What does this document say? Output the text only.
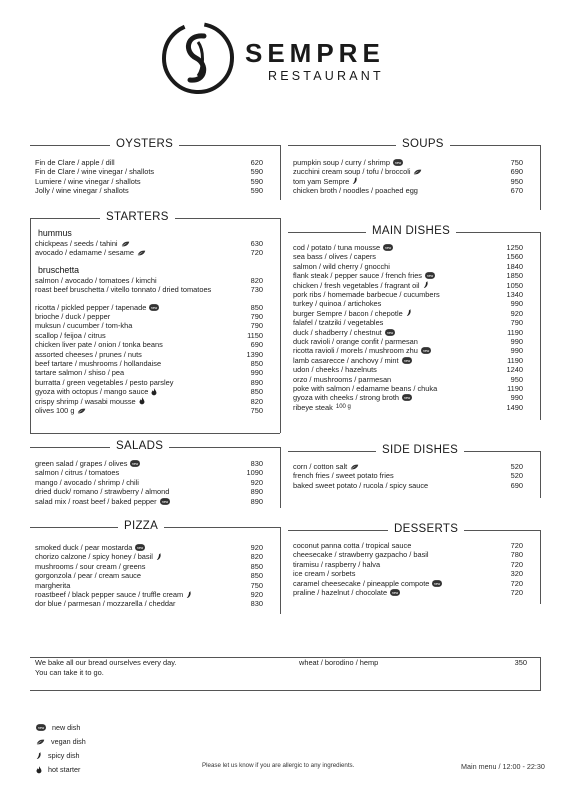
SEMPRE
RESTAURANT
OYSTERS
Fin de Clare / apple / dill	620
Fin de Clare / wine vinegar / shallots	590
Lumiere / wine vinegar / shallots	590
Jolly / wine vinegar / shallots	590
SOUPS
pumpkin soup / curry / shrimp new	750
zucchini cream soup / tofu / broccoli	690
tom yam Sempre	950
chicken broth / noodles / poached egg	670
STARTERS
hummus
chickpeas / seeds / tahini	630
avocado / edamame / sesame	720
bruschetta
salmon / avocado / tomatoes / kimchi	820
roast beef bruschetta / vitello tonnato / dried tomatoes	730
ricotta / pickled pepper / tapenade new	850
brioche / duck / pepper	790
muksun / cucumber / tom-kha	790
scallop / feijoa / citrus	1150
chicken liver pate / onion / tonka beans	690
assorted cheeses / prunes / nuts	1390
beef tartare / mushrooms / hollandaise	850
tartare salmon / shiso / pea	990
burratta / green vegetables / pesto parsley	890
gyoza with octopus / mango sauce	850
crispy shrimp / wasabi mousse	820
olives 100 g	750
MAIN DISHES
cod / potato / tuna mousse new	1250
sea bass / olives / capers	1560
salmon / wild cherry / gnocchi	1840
flank steak / pepper sauce / french fries new	1850
chicken / fresh vegetables / fragrant oil	1050
pork ribs / homemade barbecue / cucumbers	1340
turkey / quinoa / artichokes	990
burger Sempre / bacon / chepotle	920
falafel / tzatziki / vegetables	790
duck / shadberry / chestnut new	1190
duck ravioli / orange confit / parmesan	990
ricotta ravioli / morels / mushroom zhu new	990
lamb casarecce / anchovy / mint new	1190
udon / cheeks / hazelnuts	1240
orzo / mushrooms / parmesan	950
poke with salmon / edamame beans / chuka	1190
gyoza with cheeks / strong broth new	990
ribeye steak 100 g	1490
SALADS
green salad / grapes / olives new	830
salmon / citrus / tomatoes	1090
mango / avocado / shrimp / chili	920
dried duck/ romano / strawberry / almond	890
salad mix / roast beef / baked pepper new	890
SIDE DISHES
corn / cotton salt	520
french fries / sweet potato fries	520
baked sweet potato / rucola / spicy sauce	690
PIZZA
smoked duck / pear mostarda new	920
chorizo calzone / spicy honey / basil	820
mushrooms / sour cream / greens	850
gorgonzola / pear / cream sauce	850
margherita	750
roastbeef / black pepper sauce / truffle cream	920
dor blue / parmesan / mozzarella / cheddar	830
DESSERTS
coconut panna cotta / tropical sauce	720
cheesecake / strawberry gazpacho / basil	780
tiramisu / raspberry / halva	720
ice cream / sorbets	320
caramel cheesecake / pineapple compote new	720
praline / hazelnut / chocolate new	720
We bake all our bread ourselves every day.
You can take it to go.
wheat / borodino / hemp	350
new new dish
vegan dish
spicy dish
hot starter	Please let us know if you are allergic to any ingredients.	Main menu / 12:00 - 22:30
